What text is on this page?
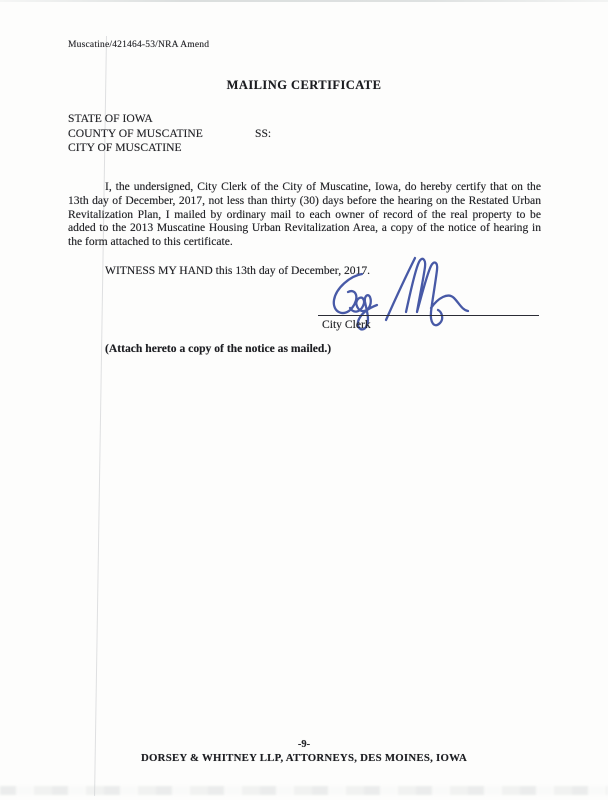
Muscatine/421464-53/NRA Amend
MAILING CERTIFICATE
STATE OF IOWA
COUNTY OF MUSCATINE	SS:
CITY OF MUSCATINE
I, the undersigned, City Clerk of the City of Muscatine, Iowa, do hereby certify that on the 13th day of December, 2017, not less than thirty (30) days before the hearing on the Restated Urban Revitalization Plan, I mailed by ordinary mail to each owner of record of the real property to be added to the 2013 Muscatine Housing Urban Revitalization Area, a copy of the notice of hearing in the form attached to this certificate.
WITNESS MY HAND this 13th day of December, 2017.
City Clerk
(Attach hereto a copy of the notice as mailed.)
-9-
DORSEY & WHITNEY LLP, ATTORNEYS, DES MOINES, IOWA
